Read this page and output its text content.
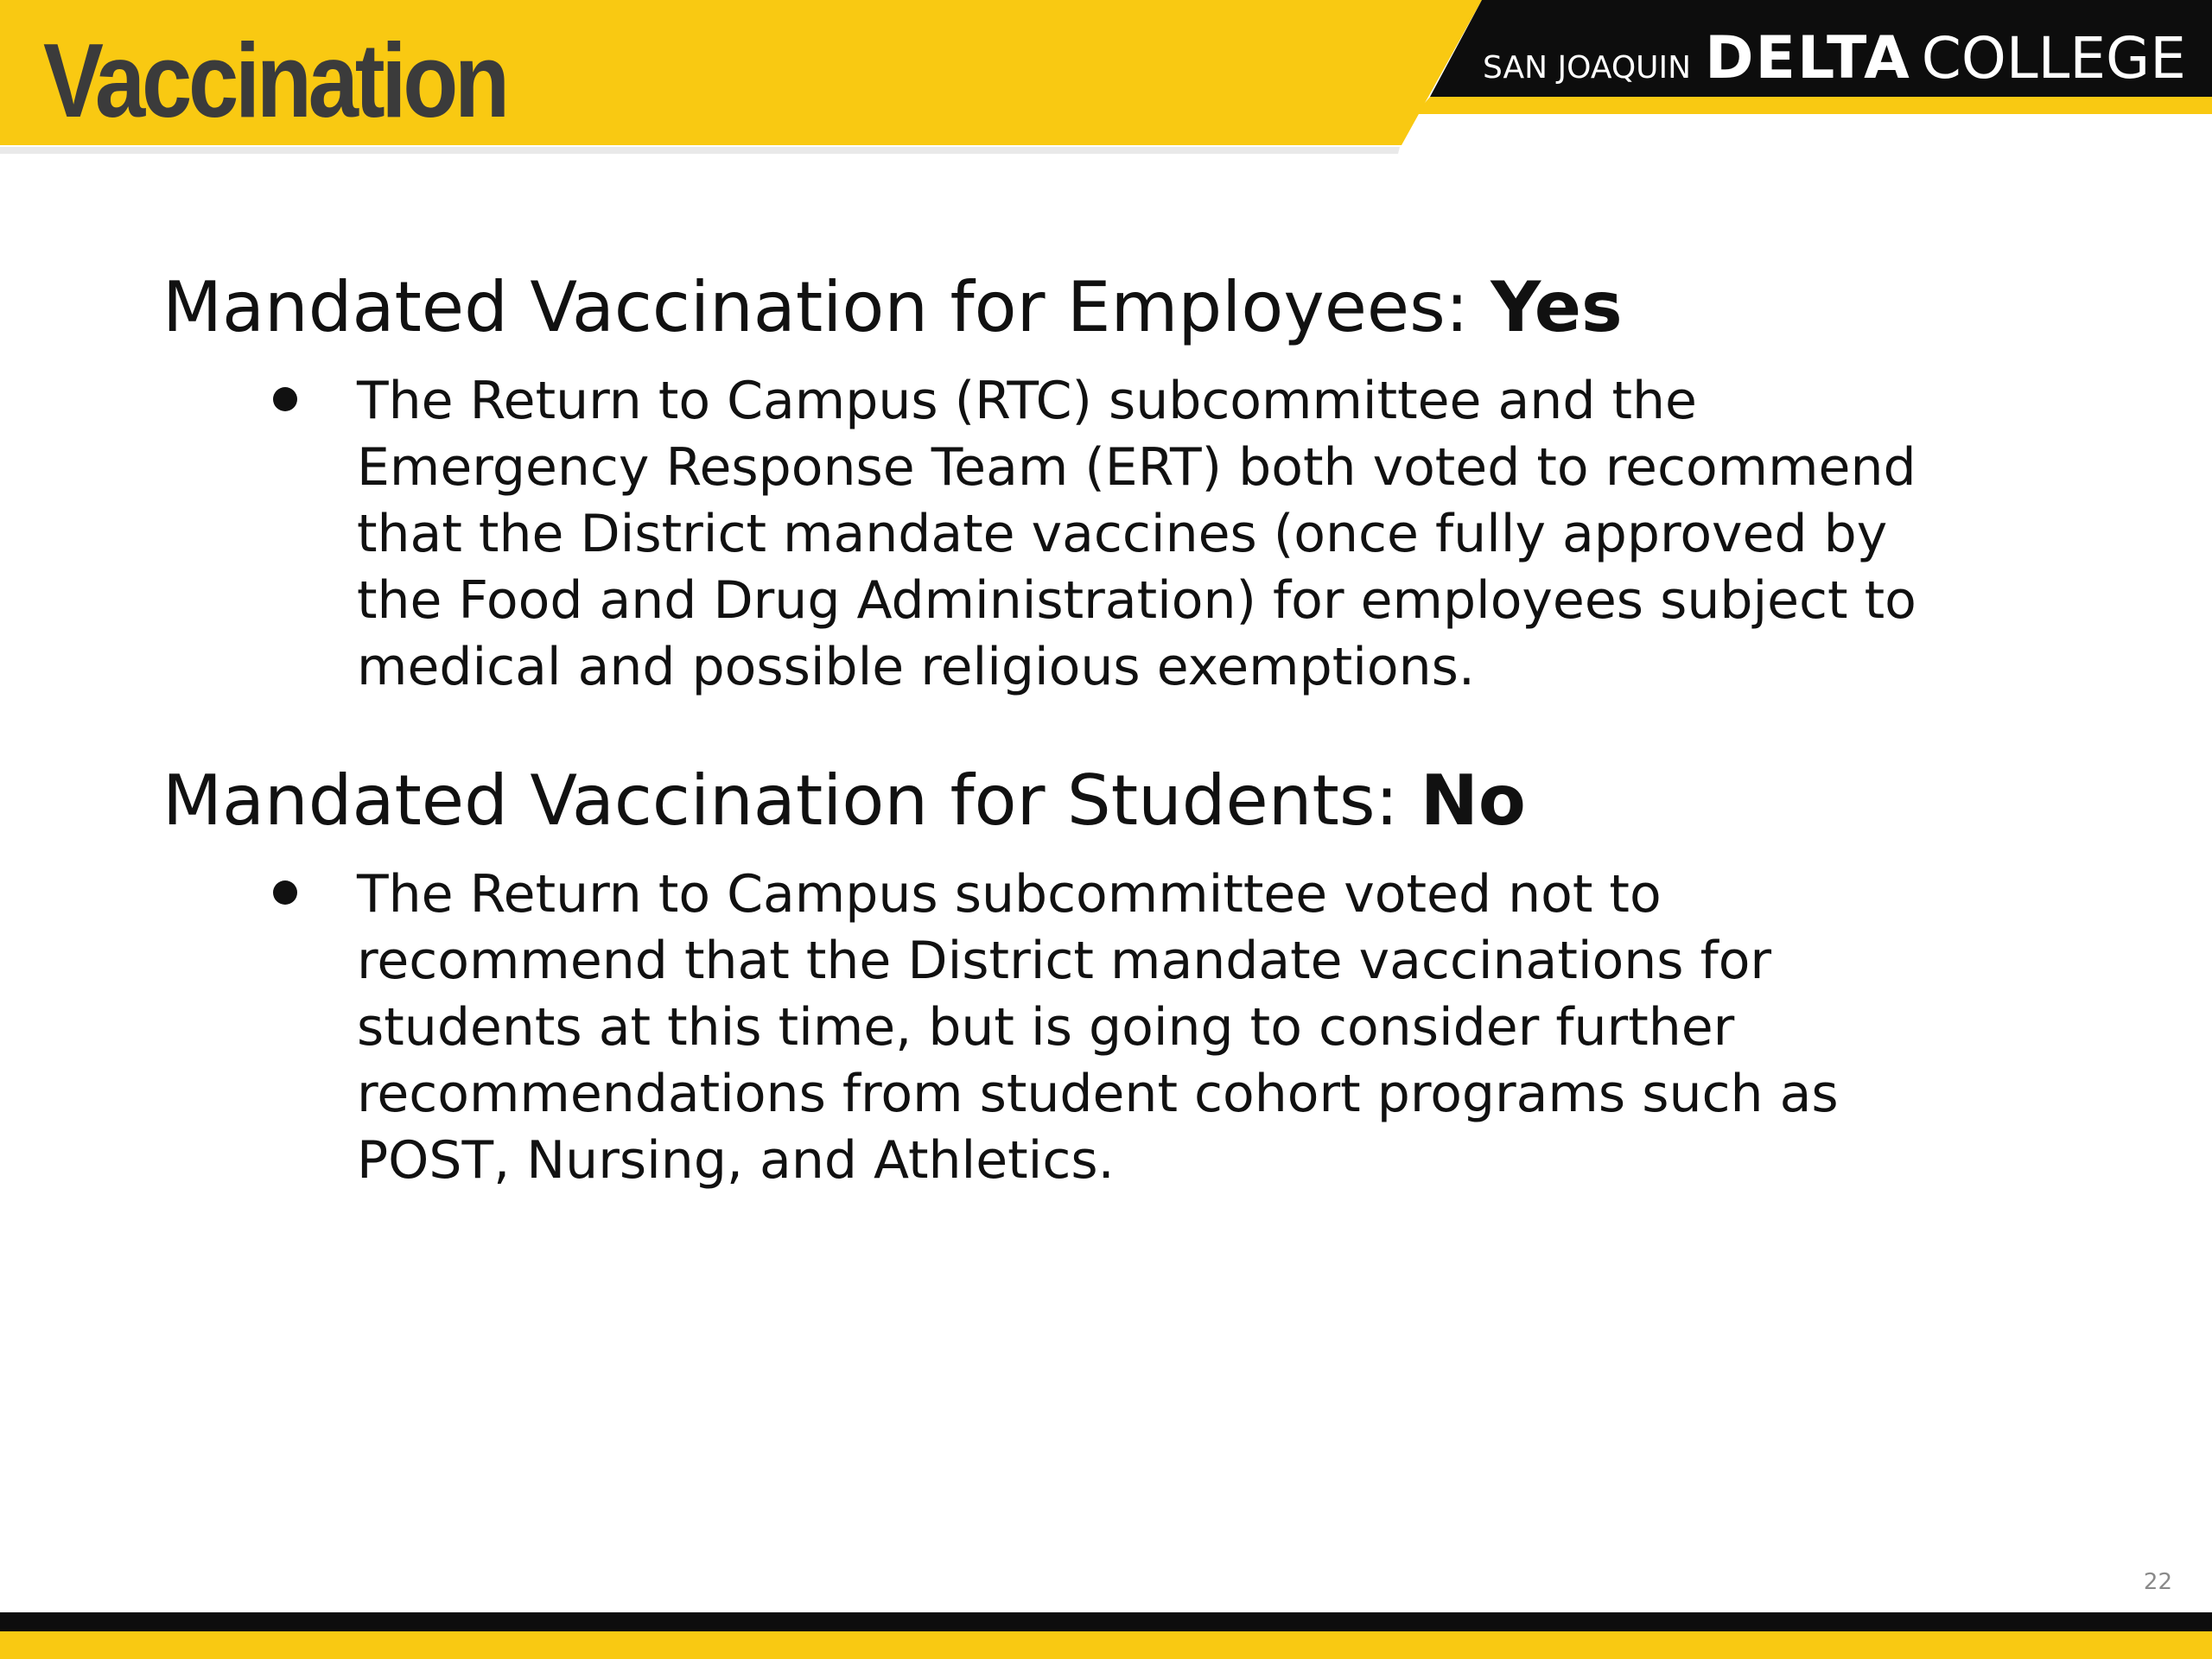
Vaccination	SAN JOAQUIN DELTA COLLEGE

Mandated Vaccination for Employees: Yes

The Return to Campus (RTC) subcommittee and the Emergency Response Team (ERT) both voted to recommend that the District mandate vaccines (once fully approved by the Food and Drug Administration) for employees subject to medical and possible religious exemptions.

Mandated Vaccination for Students: No

The Return to Campus subcommittee voted not to recommend that the District mandate vaccinations for students at this time, but is going to consider further recommendations from student cohort programs such as POST, Nursing, and Athletics.
22
